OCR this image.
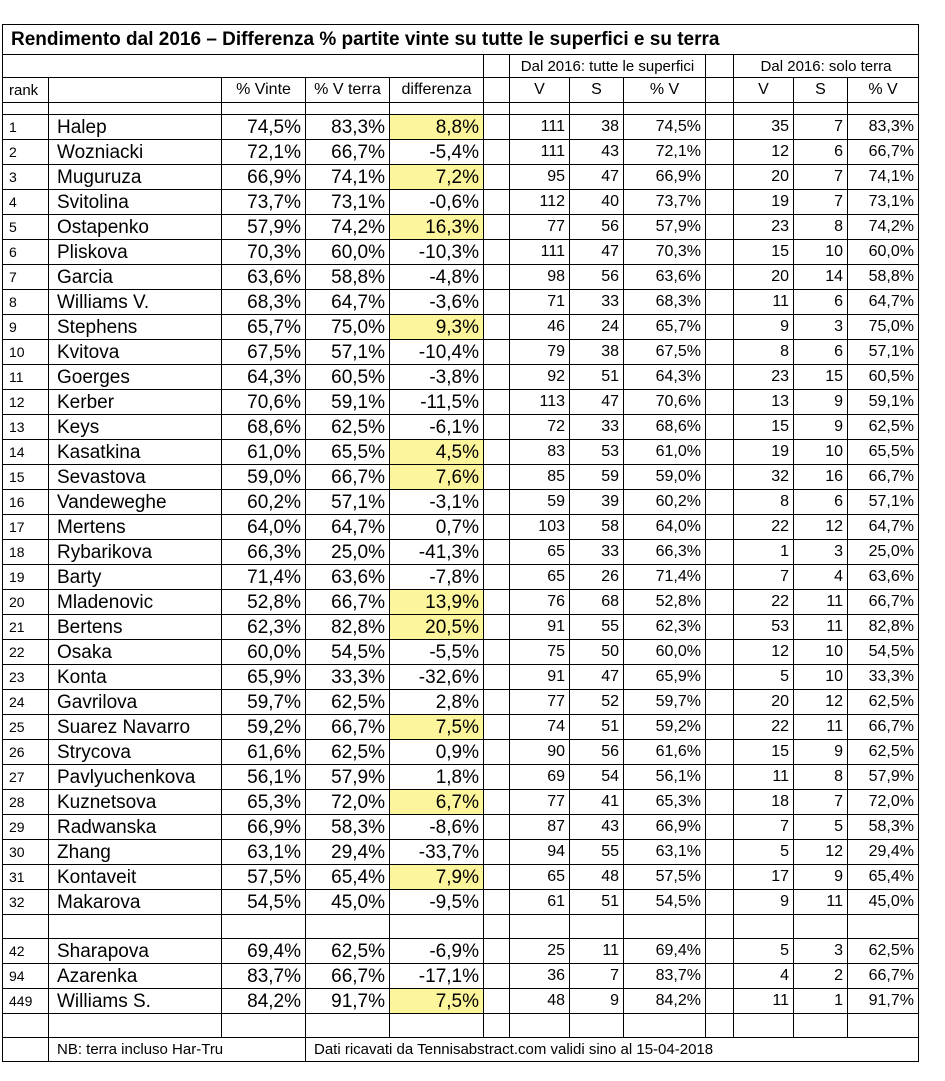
Rendimento dal 2016 – Differenza % partite vinte su tutte le superfici e su terra												
						Dal 2016: tutte le superfici				Dal 2016: solo terra		
rank		% Vinte	% V terra	differenza		V	S	% V		V	S	% V

1	Halep	74,5%	83,3%	8,8%		111	38	74,5%		35	7	83,3%
2	Wozniacki	72,1%	66,7%	-5,4%		111	43	72,1%		12	6	66,7%
3	Muguruza	66,9%	74,1%	7,2%		95	47	66,9%		20	7	74,1%
4	Svitolina	73,7%	73,1%	-0,6%		112	40	73,7%		19	7	73,1%
5	Ostapenko	57,9%	74,2%	16,3%		77	56	57,9%		23	8	74,2%
6	Pliskova	70,3%	60,0%	-10,3%		111	47	70,3%		15	10	60,0%
7	Garcia	63,6%	58,8%	-4,8%		98	56	63,6%		20	14	58,8%
8	Williams V.	68,3%	64,7%	-3,6%		71	33	68,3%		11	6	64,7%
9	Stephens	65,7%	75,0%	9,3%		46	24	65,7%		9	3	75,0%
10	Kvitova	67,5%	57,1%	-10,4%		79	38	67,5%		8	6	57,1%
11	Goerges	64,3%	60,5%	-3,8%		92	51	64,3%		23	15	60,5%
12	Kerber	70,6%	59,1%	-11,5%		113	47	70,6%		13	9	59,1%
13	Keys	68,6%	62,5%	-6,1%		72	33	68,6%		15	9	62,5%
14	Kasatkina	61,0%	65,5%	4,5%		83	53	61,0%		19	10	65,5%
15	Sevastova	59,0%	66,7%	7,6%		85	59	59,0%		32	16	66,7%
16	Vandeweghe	60,2%	57,1%	-3,1%		59	39	60,2%		8	6	57,1%
17	Mertens	64,0%	64,7%	0,7%		103	58	64,0%		22	12	64,7%
18	Rybarikova	66,3%	25,0%	-41,3%		65	33	66,3%		1	3	25,0%
19	Barty	71,4%	63,6%	-7,8%		65	26	71,4%		7	4	63,6%
20	Mladenovic	52,8%	66,7%	13,9%		76	68	52,8%		22	11	66,7%
21	Bertens	62,3%	82,8%	20,5%		91	55	62,3%		53	11	82,8%
22	Osaka	60,0%	54,5%	-5,5%		75	50	60,0%		12	10	54,5%
23	Konta	65,9%	33,3%	-32,6%		91	47	65,9%		5	10	33,3%
24	Gavrilova	59,7%	62,5%	2,8%		77	52	59,7%		20	12	62,5%
25	Suarez Navarro	59,2%	66,7%	7,5%		74	51	59,2%		22	11	66,7%
26	Strycova	61,6%	62,5%	0,9%		90	56	61,6%		15	9	62,5%
27	Pavlyuchenkova	56,1%	57,9%	1,8%		69	54	56,1%		11	8	57,9%
28	Kuznetsova	65,3%	72,0%	6,7%		77	41	65,3%		18	7	72,0%
29	Radwanska	66,9%	58,3%	-8,6%		87	43	66,9%		7	5	58,3%
30	Zhang	63,1%	29,4%	-33,7%		94	55	63,1%		5	12	29,4%
31	Kontaveit	57,5%	65,4%	7,9%		65	48	57,5%		17	9	65,4%
32	Makarova	54,5%	45,0%	-9,5%		61	51	54,5%		9	11	45,0%

42	Sharapova	69,4%	62,5%	-6,9%		25	11	69,4%		5	3	62,5%
94	Azarenka	83,7%	66,7%	-17,1%		36	7	83,7%		4	2	66,7%
449	Williams S.	84,2%	91,7%	7,5%		48	9	84,2%		11	1	91,7%

	NB: terra incluso Har-Tru		Dati ricavati da Tennisabstract.com validi sino al 15-04-2018									
